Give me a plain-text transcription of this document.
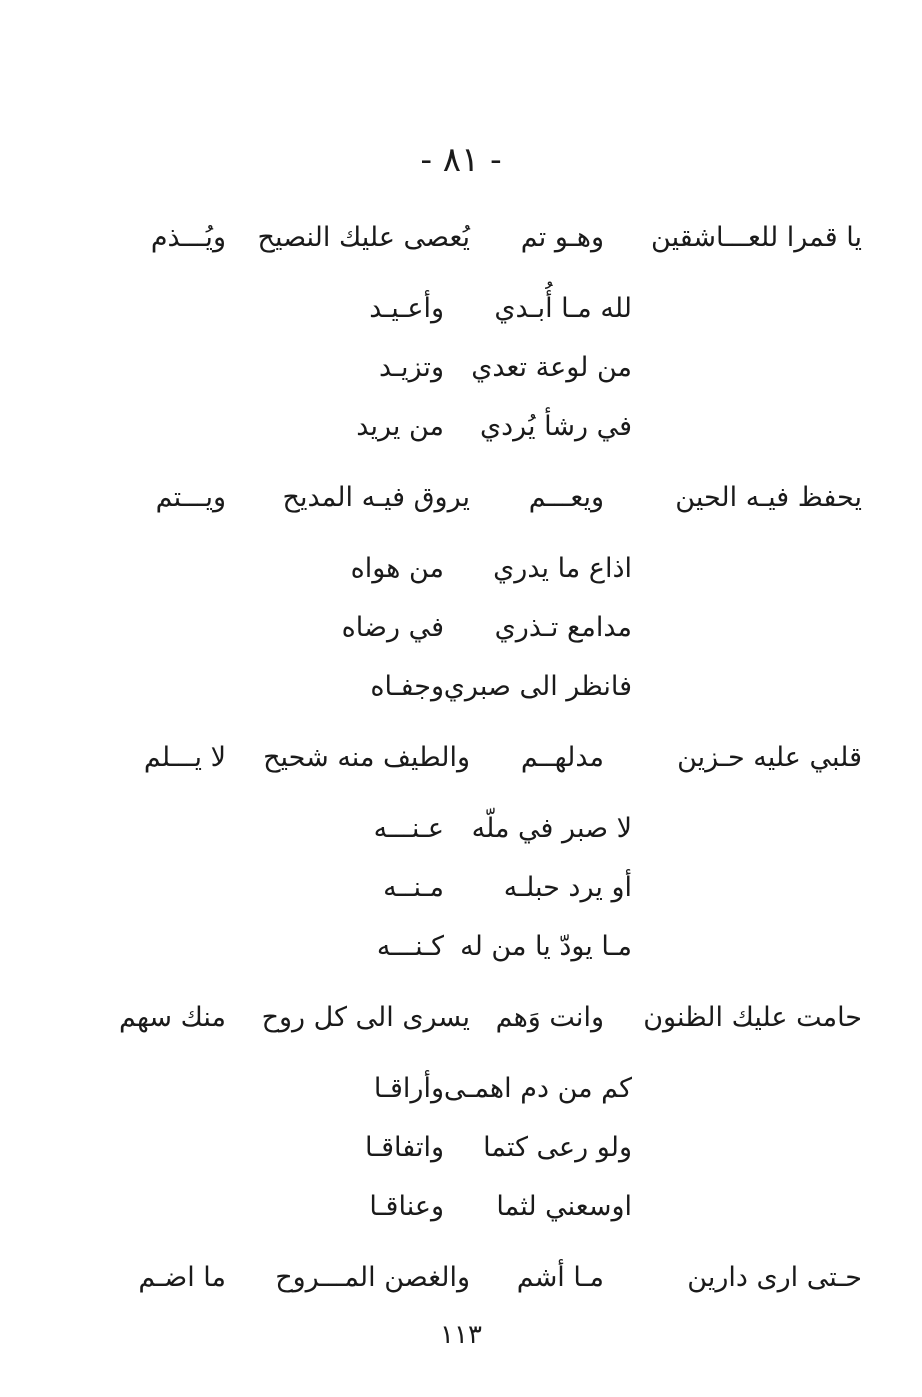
- ٨١ -
يا قمرا للعـــاشقين
وهـو تم
يُعصى عليك النصيح
ويُـــذم
لله مـا أُبـدي
وأعـيـد
من لوعة تعدي
وتزيـد
في رشأ يُردي
من يريد
يحفظ فيـه الحين
ويعـــم
يروق فيـه المديح
ويـــتم
اذاع ما يدري
من هواه
مدامع تـذري
في رضاه
فانظر الى صبري
وجفـاه
قلبي عليه حـزين
مدلهــم
والطيف منه شحيح
لا يـــلم
لا صبر في ملّه
عـنـــه
أو يرد حبلـه
مـنــه
مـا يودّ يا من له
كـنـــه
حامت عليك الظنون
وانت وَهم
يسرى الى كل روح
منك سهم
كم من دم اهمـى
وأراقـا
ولو رعى كتما
واتفاقـا
اوسعني لثما
وعناقـا
حـتى ارى دارين
مـا أشم
والغصن المـــروح
ما اضـم
١١٣
